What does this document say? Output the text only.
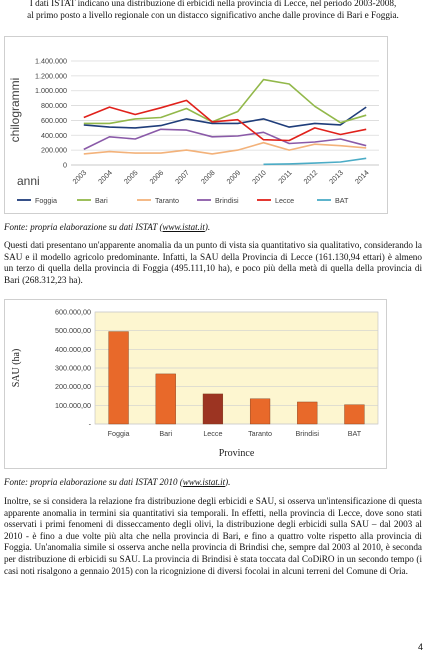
I dati ISTAT indicano una distribuzione di erbicidi nella provincia di Lecce, nel periodo 2003-2008,
al primo posto a livello regionale con un distacco significativo anche dalle province di Bari e Foggia.
0
200.000
400.000
600.000
800.000
1.000.000
1.200.000
1.400.000
2003 2004 2005 2006 2007 2008 2009 2010 2011 2012 2013 2014
chilogrammi
anni
Foggia	Bari	Taranto	Brindisi	Lecce	BAT
Fonte: propria elaborazione su dati ISTAT (www.istat.it).
Questi dati presentano un'apparente anomalia da un punto di vista sia quantitativo sia qualitativo, considerando la SAU e il modello agricolo predominante. Infatti, la SAU della Provincia di Lecce (161.130,94 ettari) è almeno un terzo di quella della provincia di Foggia (495.111,10 ha), e poco più della metà di quella della provincia di Bari (268.312,23 ha).
-
100.000,00
200.000,00
300.000,00
400.000,00
500.000,00
600.000,00
Foggia	Bari	Lecce	Taranto	Brindisi	BAT
SAU (ha)
Province
Fonte: propria elaborazione su dati ISTAT 2010 (www.istat.it).
Inoltre, se si considera la relazione fra distribuzione degli erbicidi e SAU, si osserva un'intensificazione di questa apparente anomalia in termini sia quantitativi sia temporali. In effetti, nella provincia di Lecce, dove sono stati osservati i primi fenomeni di disseccamento degli olivi, la distribuzione degli erbicidi sulla SAU – dal 2003 al 2010 - è fino a due volte più alta che nella provincia di Bari, e fino a quattro volte rispetto alla provincia di Foggia. Un'anomalia simile si osserva anche nella provincia di Brindisi che, sempre dal 2003 al 2010, è seconda per distribuzione di erbicidi su SAU. La provincia di Brindisi è stata toccata dal CoDiRO in un secondo tempo (i casi noti risalgono a gennaio 2015) con la ricognizione di diversi focolai in alcuni terreni del Comune di Oria.
4
